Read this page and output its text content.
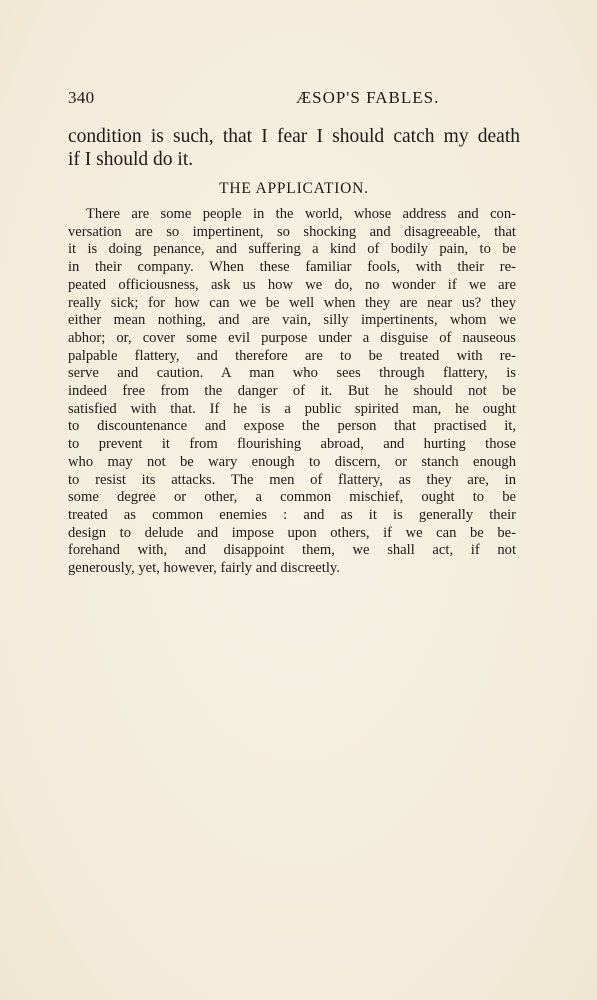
340	ÆSOP'S FABLES.
condition is such, that I fear I should catch my death
if I should do it.
THE APPLICATION.
There are some people in the world, whose address and con-
versation are so impertinent, so shocking and disagreeable, that
it is doing penance, and suffering a kind of bodily pain, to be
in their company. When these familiar fools, with their re-
peated officiousness, ask us how we do, no wonder if we are
really sick; for how can we be well when they are near us? they
either mean nothing, and are vain, silly impertinents, whom we
abhor; or, cover some evil purpose under a disguise of nauseous
palpable flattery, and therefore are to be treated with re-
serve and caution. A man who sees through flattery, is
indeed free from the danger of it. But he should not be
satisfied with that. If he is a public spirited man, he ought
to discountenance and expose the person that practised it,
to prevent it from flourishing abroad, and hurting those
who may not be wary enough to discern, or stanch enough
to resist its attacks. The men of flattery, as they are, in
some degree or other, a common mischief, ought to be
treated as common enemies : and as it is generally their
design to delude and impose upon others, if we can be be-
forehand with, and disappoint them, we shall act, if not
generously, yet, however, fairly and discreetly.
